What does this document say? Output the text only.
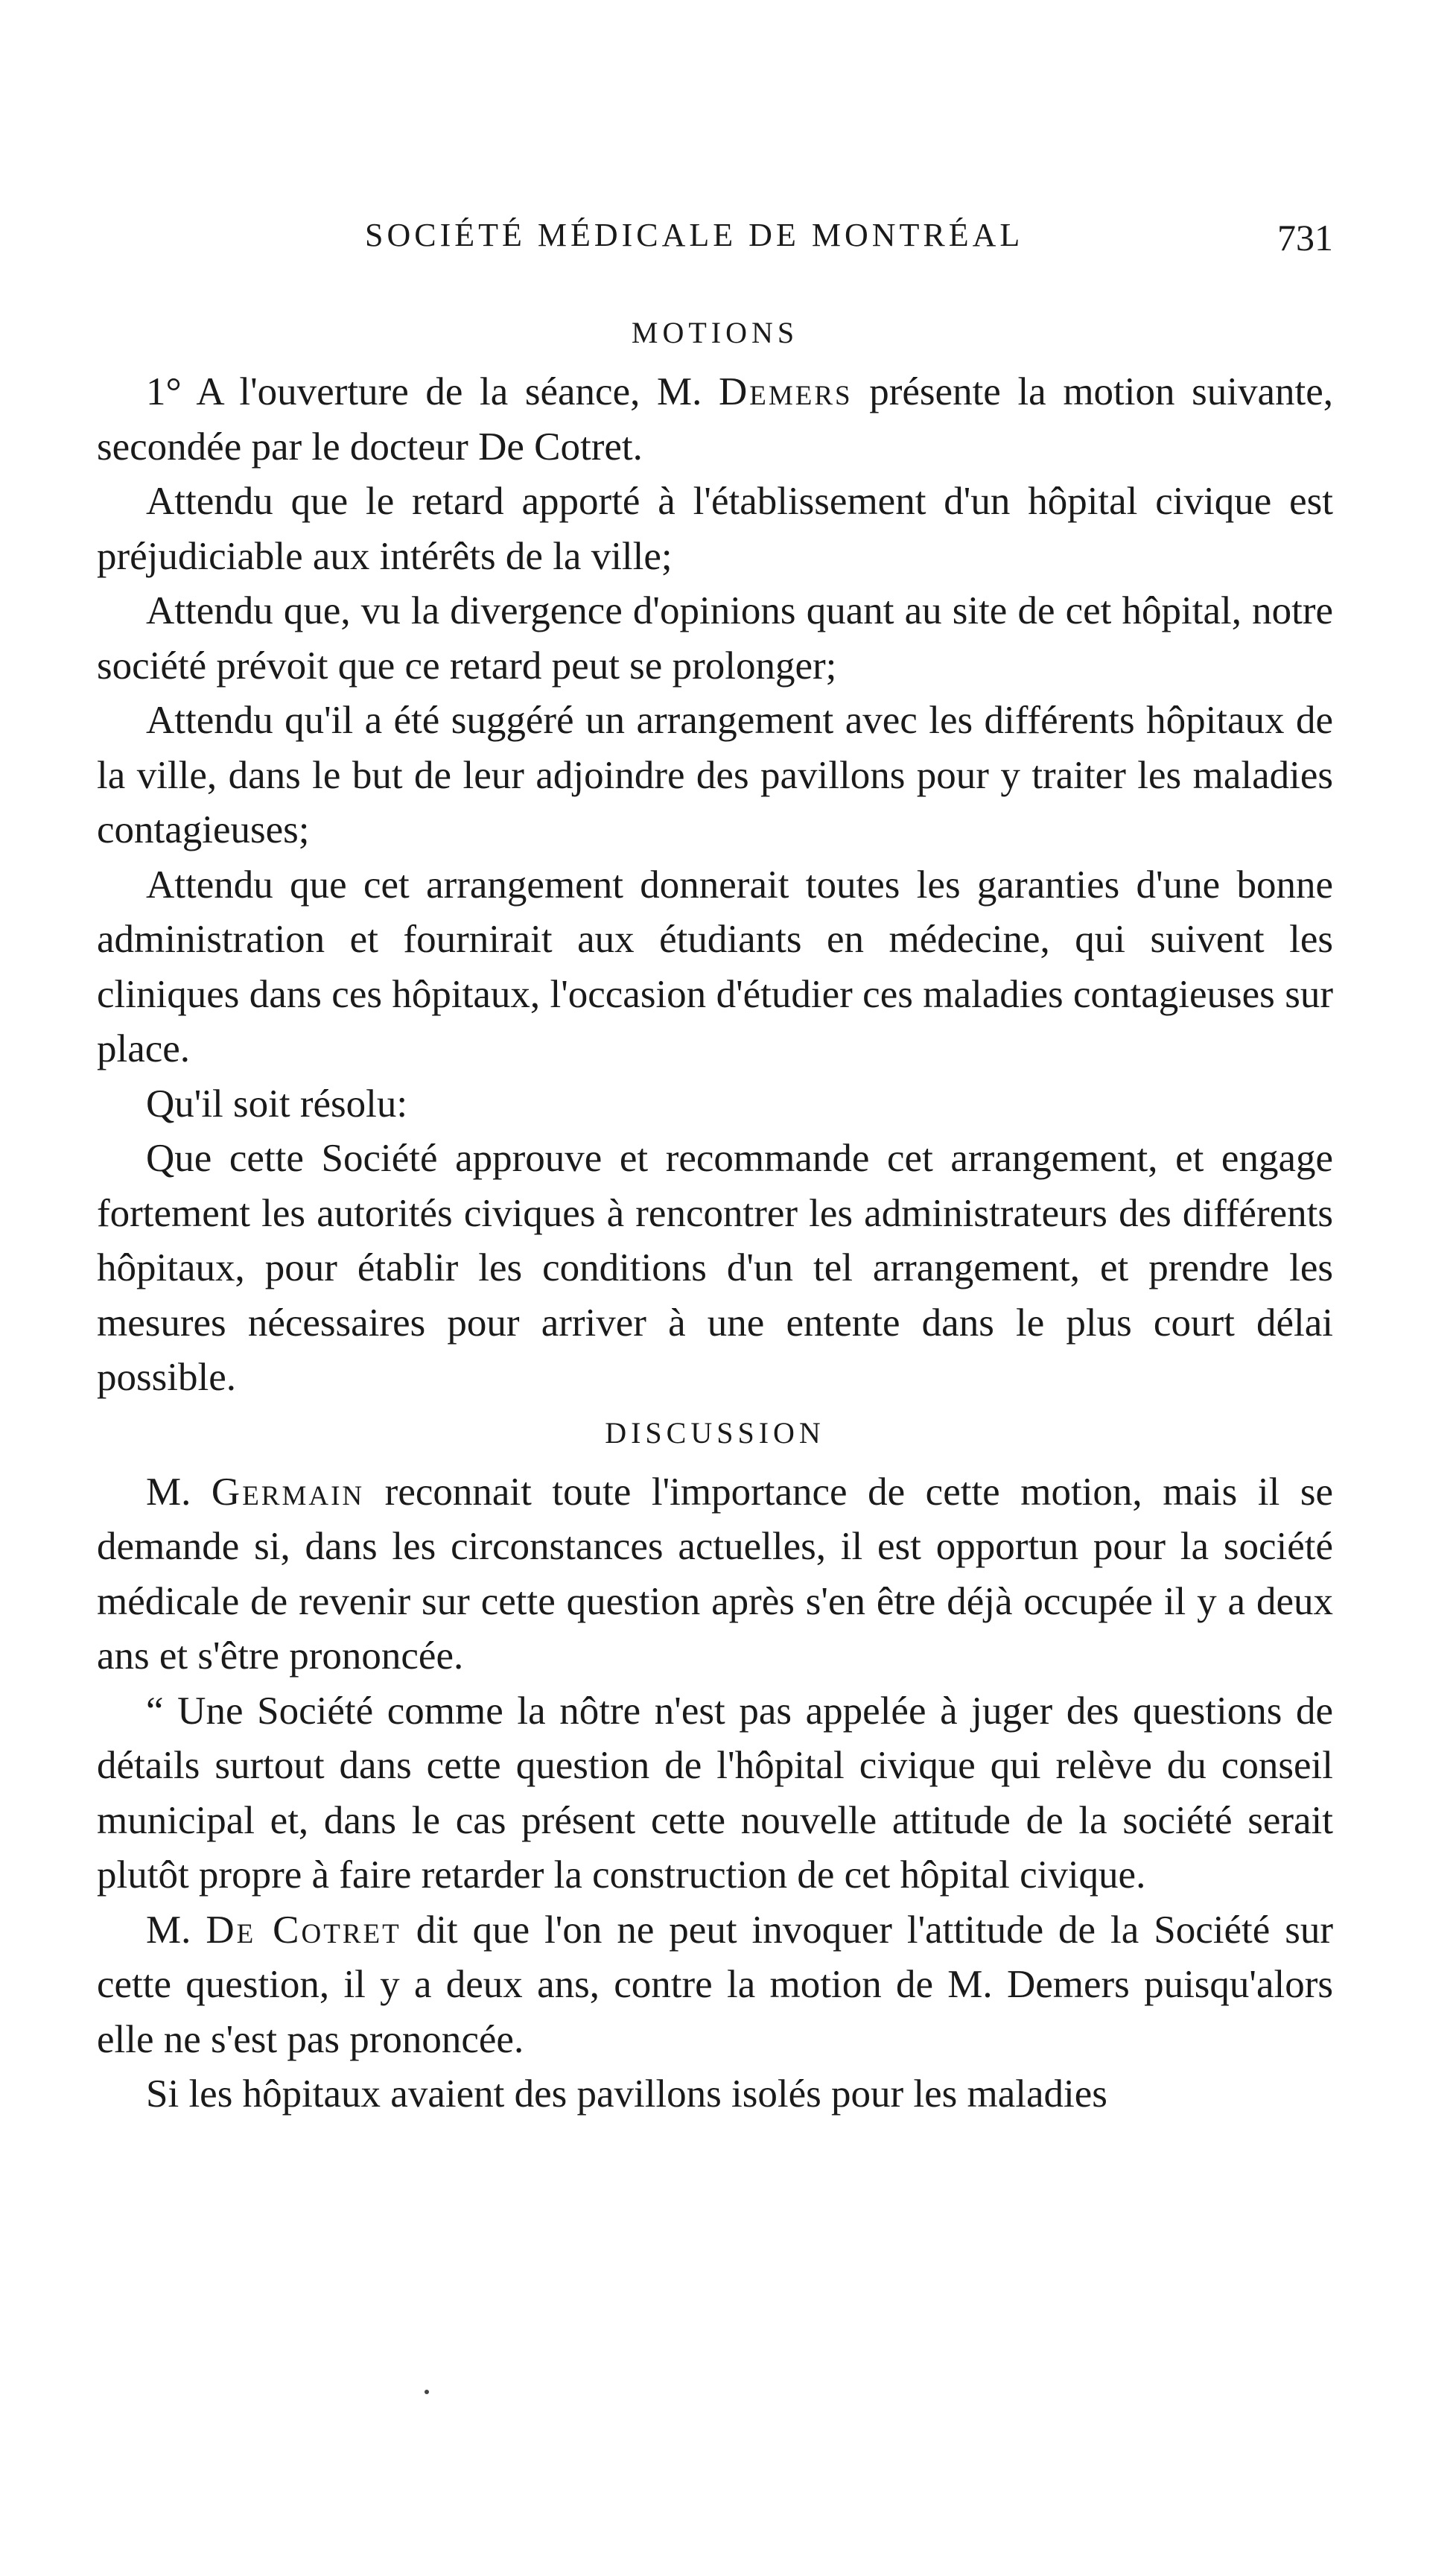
SOCIÉTÉ MÉDICALE DE MONTRÉAL	731
MOTIONS

1° A l'ouverture de la séance, M. Demers présente la motion suivante, secondée par le docteur De Cotret.

Attendu que le retard apporté à l'établissement d'un hôpital civique est préjudiciable aux intérêts de la ville;

Attendu que, vu la divergence d'opinions quant au site de cet hôpital, notre société prévoit que ce retard peut se prolonger;

Attendu qu'il a été suggéré un arrangement avec les différents hôpitaux de la ville, dans le but de leur adjoindre des pavillons pour y traiter les maladies contagieuses;

Attendu que cet arrangement donnerait toutes les garanties d'une bonne administration et fournirait aux étudiants en médecine, qui suivent les cliniques dans ces hôpitaux, l'occasion d'étudier ces maladies contagieuses sur place.

Qu'il soit résolu:

Que cette Société approuve et recommande cet arrangement, et engage fortement les autorités civiques à rencontrer les administrateurs des différents hôpitaux, pour établir les conditions d'un tel arrangement, et prendre les mesures nécessaires pour arriver à une entente dans le plus court délai possible.

DISCUSSION

M. Germain reconnait toute l'importance de cette motion, mais il se demande si, dans les circonstances actuelles, il est opportun pour la société médicale de revenir sur cette question après s'en être déjà occupée il y a deux ans et s'être prononcée.

“ Une Société comme la nôtre n'est pas appelée à juger des questions de détails surtout dans cette question de l'hôpital civique qui relève du conseil municipal et, dans le cas présent cette nouvelle attitude de la société serait plutôt propre à faire retarder la construction de cet hôpital civique.

M. De Cotret dit que l'on ne peut invoquer l'attitude de la Société sur cette question, il y a deux ans, contre la motion de M. Demers puisqu'alors elle ne s'est pas prononcée.

Si les hôpitaux avaient des pavillons isolés pour les maladies
